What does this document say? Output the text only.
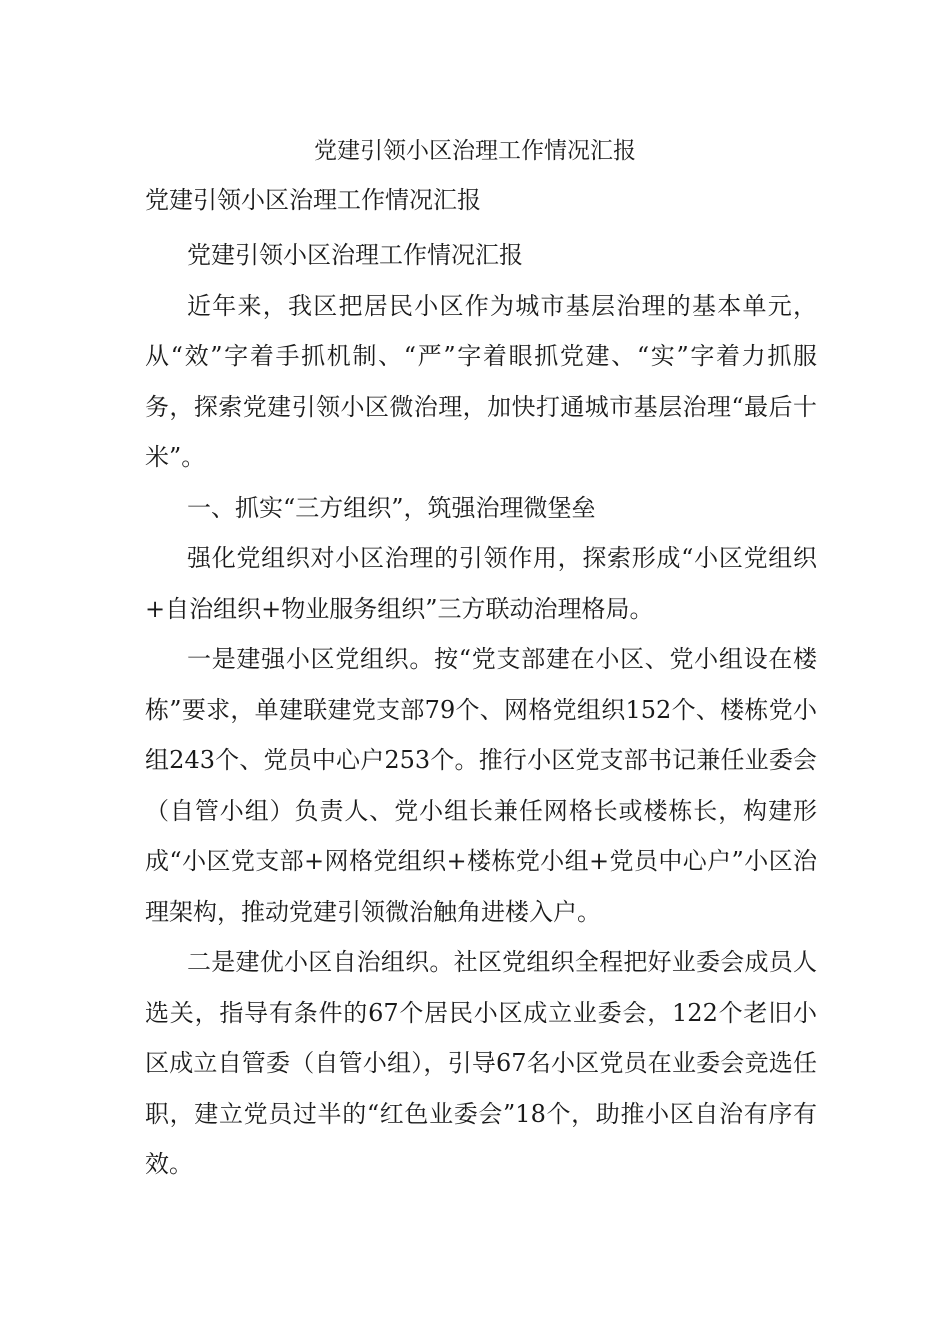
党建引领小区治理工作情况汇报
党建引领小区治理工作情况汇报

党建引领小区治理工作情况汇报

近年来，我区把居民小区作为城市基层治理的基本单元，从“效”字着手抓机制、“严”字着眼抓党建、“实”字着力抓服务，探索党建引领小区微治理，加快打通城市基层治理“最后十米”。

一、抓实“三方组织”，筑强治理微堡垒

强化党组织对小区治理的引领作用，探索形成“小区党组织+自治组织+物业服务组织”三方联动治理格局。

一是建强小区党组织。按“党支部建在小区、党小组设在楼栋”要求，单建联建党支部79个、网格党组织152个、楼栋党小组243个、党员中心户253个。推行小区党支部书记兼任业委会（自管小组）负责人、党小组长兼任网格长或楼栋长，构建形成“小区党支部+网格党组织+楼栋党小组+党员中心户”小区治理架构，推动党建引领微治触角进楼入户。

二是建优小区自治组织。社区党组织全程把好业委会成员人选关，指导有条件的67个居民小区成立业委会，122个老旧小区成立自管委（自管小组），引导67名小区党员在业委会竞选任职，建立党员过半的“红色业委会”18个，助推小区自治有序有效。
